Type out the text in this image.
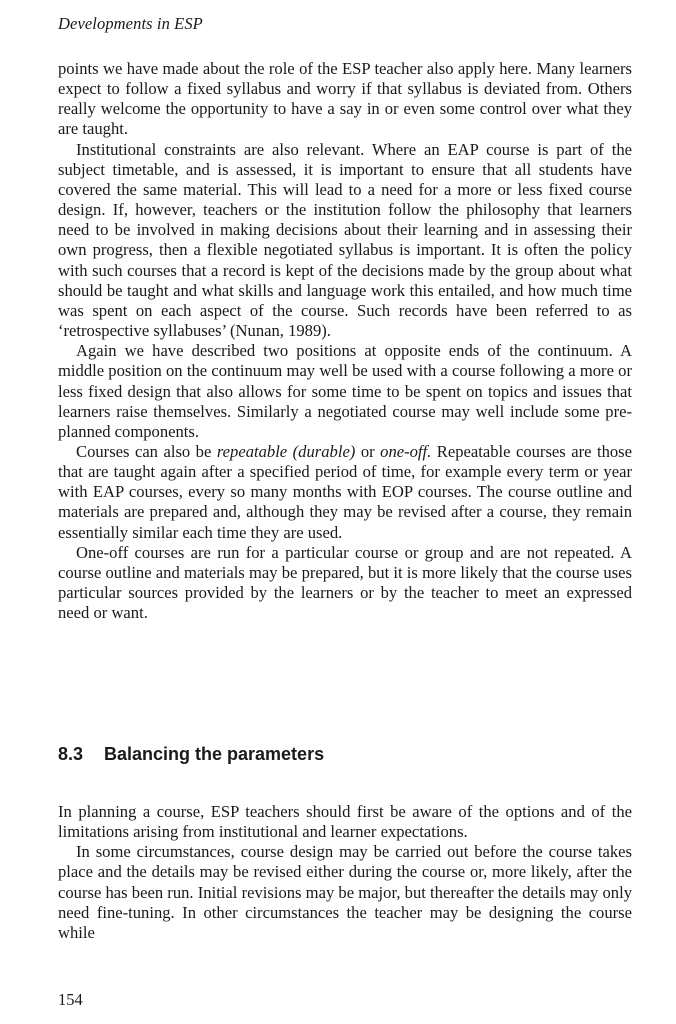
Developments in ESP

points we have made about the role of the ESP teacher also apply here. Many learners expect to follow a fixed syllabus and worry if that syllabus is deviated from. Others really welcome the opportunity to have a say in or even some control over what they are taught.

Institutional constraints are also relevant. Where an EAP course is part of the subject timetable, and is assessed, it is important to ensure that all students have covered the same material. This will lead to a need for a more or less fixed course design. If, however, teachers or the institution follow the philosophy that learners need to be involved in making decisions about their learning and in assessing their own progress, then a flexible negotiated syllabus is important. It is often the policy with such courses that a record is kept of the decisions made by the group about what should be taught and what skills and language work this entailed, and how much time was spent on each aspect of the course. Such records have been referred to as ‘retrospective syllabuses’ (Nunan, 1989).

Again we have described two positions at opposite ends of the continuum. A middle position on the continuum may well be used with a course following a more or less fixed design that also allows for some time to be spent on topics and issues that learners raise themselves. Similarly a negotiated course may well include some pre-planned components.

Courses can also be repeatable (durable) or one-off. Repeatable courses are those that are taught again after a specified period of time, for example every term or year with EAP courses, every so many months with EOP courses. The course outline and materials are prepared and, although they may be revised after a course, they remain essentially similar each time they are used.

One-off courses are run for a particular course or group and are not repeated. A course outline and materials may be prepared, but it is more likely that the course uses particular sources provided by the learners or by the teacher to meet an expressed need or want.

8.3 Balancing the parameters

In planning a course, ESP teachers should first be aware of the options and of the limitations arising from institutional and learner expectations.

In some circumstances, course design may be carried out before the course takes place and the details may be revised either during the course or, more likely, after the course has been run. Initial revisions may be major, but thereafter the details may only need fine-tuning. In other circumstances the teacher may be designing the course while

154
